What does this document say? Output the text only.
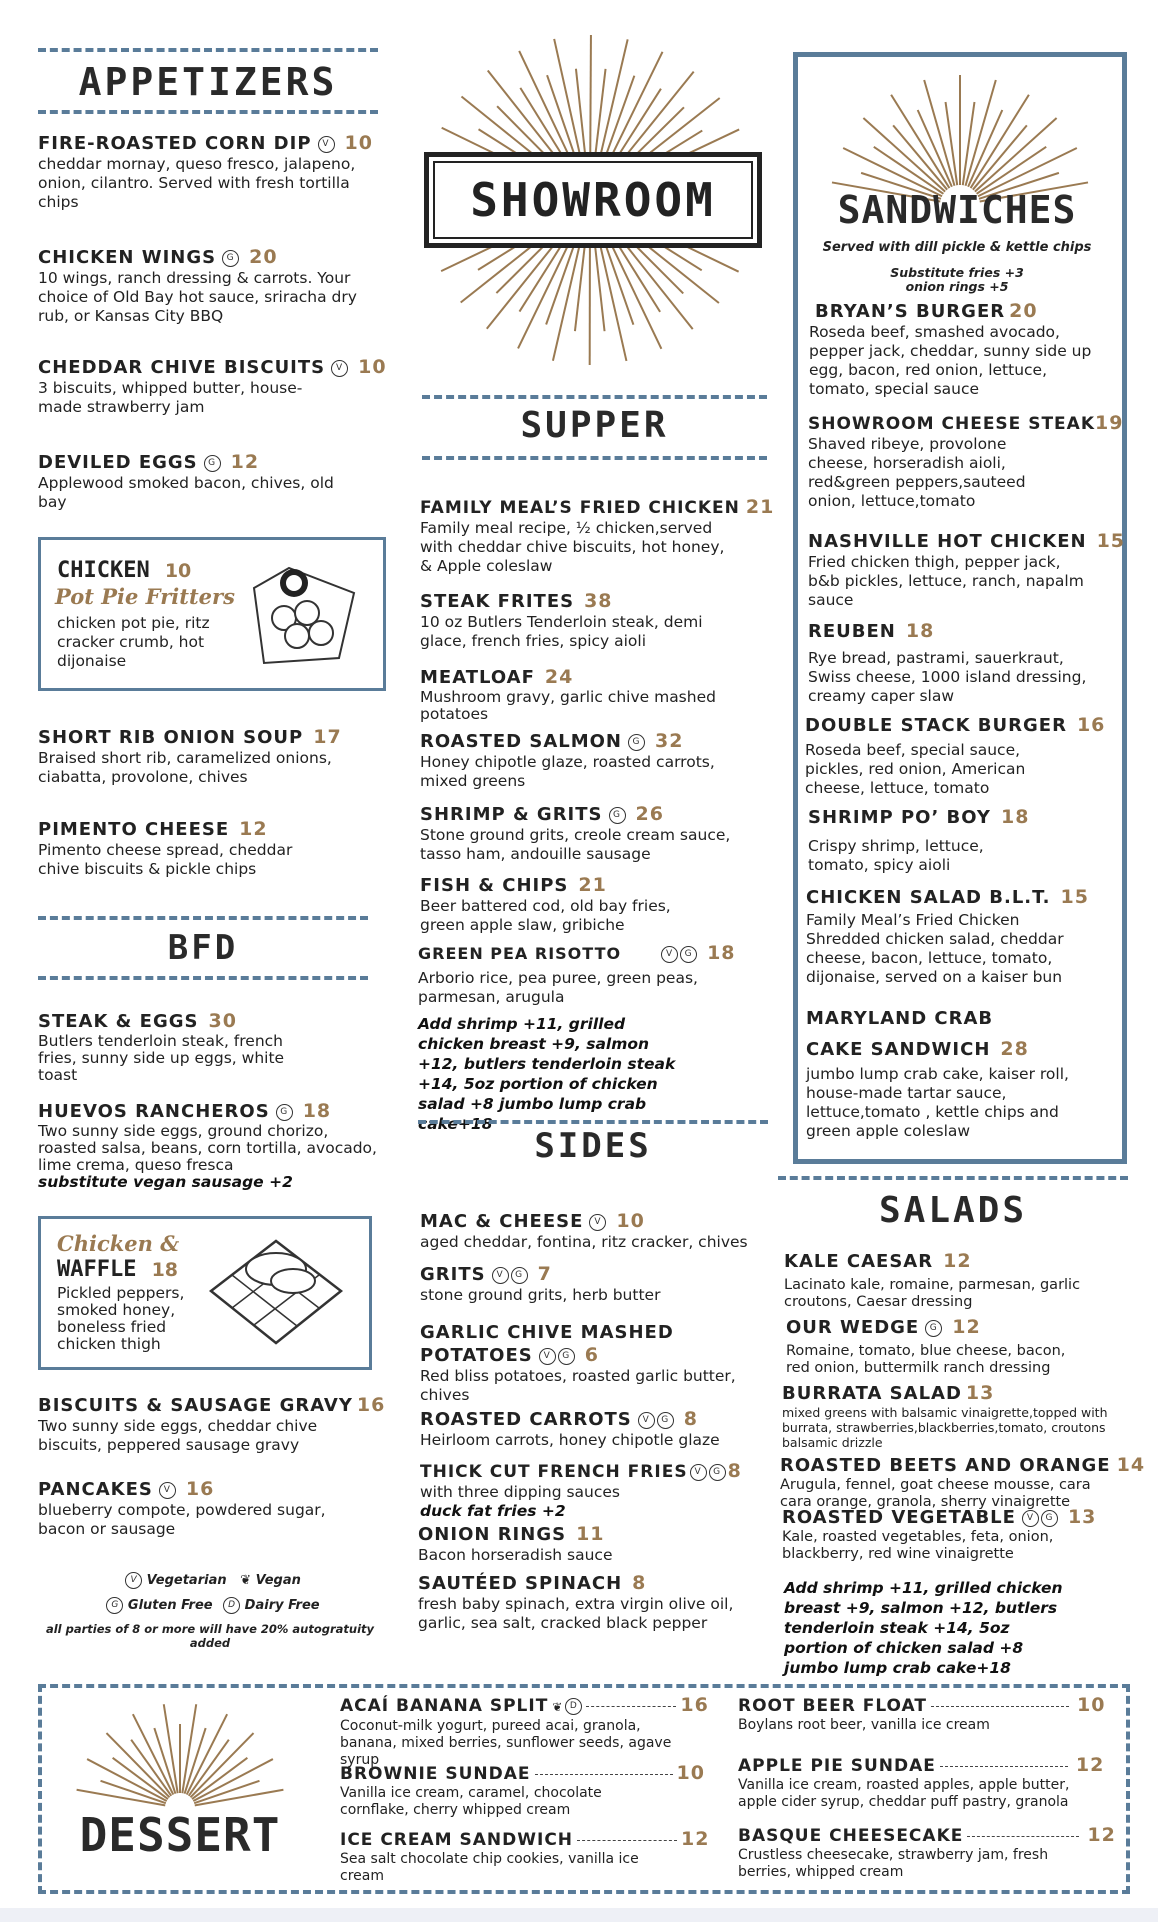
APPETIZERS
FIRE-ROASTED CORN DIP V 10
cheddar mornay, queso fresco, jalapeno, onion, cilantro. Served with fresh tortilla chips
CHICKEN WINGS G 20
10 wings, ranch dressing & carrots. Your choice of Old Bay hot sauce, sriracha dry rub, or Kansas City BBQ
CHEDDAR CHIVE BISCUITS V 10
3 biscuits, whipped butter, house-made strawberry jam
DEVILED EGGS G 12
Applewood smoked bacon, chives, old bay
CHICKEN 10
Pot Pie Fritters
chicken pot pie, ritz cracker crumb, hot dijonaise
SHORT RIB ONION SOUP 17
Braised short rib, caramelized onions, ciabatta, provolone, chives
PIMENTO CHEESE 12
Pimento cheese spread, cheddar chive biscuits & pickle chips
BFD
STEAK & EGGS 30
Butlers tenderloin steak, french fries, sunny side up eggs, white toast
HUEVOS RANCHEROS G 18
Two sunny side eggs, ground chorizo, roasted salsa, beans, corn tortilla, avocado, lime crema, queso fresca
substitute vegan sausage +2
Chicken &
WAFFLE 18
Pickled peppers, smoked honey, boneless fried chicken thigh
BISCUITS & SAUSAGE GRAVY 16
Two sunny side eggs, cheddar chive biscuits, peppered sausage gravy
PANCAKES V 16
blueberry compote, powdered sugar, bacon or sausage
V Vegetarian ❦ Vegan
G Gluten Free D Dairy Free
all parties of 8 or more will have 20% autogratuity added
SHOWROOM
SUPPER
FAMILY MEAL’S FRIED CHICKEN 21
Family meal recipe, ½ chicken,served with cheddar chive biscuits, hot honey, & Apple coleslaw
STEAK FRITES 38
10 oz Butlers Tenderloin steak, demi glace, french fries, spicy aioli
MEATLOAF 24
Mushroom gravy, garlic chive mashed potatoes
ROASTED SALMON G 32
Honey chipotle glaze, roasted carrots, mixed greens
SHRIMP & GRITS G 26
Stone ground grits, creole cream sauce, tasso ham, andouille sausage
FISH & CHIPS 21
Beer battered cod, old bay fries, green apple slaw, gribiche
GREEN PEA RISOTTO	V G 18
Arborio rice, pea puree, green peas, parmesan, arugula
Add shrimp +11, grilled chicken breast +9, salmon +12, butlers tenderloin steak +14, 5oz portion of chicken salad +8 jumbo lump crab cake+18
SIDES
MAC & CHEESE V 10
aged cheddar, fontina, ritz cracker, chives
GRITS V G 7
stone ground grits, herb butter
GARLIC CHIVE MASHED POTATOES V G 6
Red bliss potatoes, roasted garlic butter, chives
ROASTED CARROTS V G 8
Heirloom carrots, honey chipotle glaze
THICK CUT FRENCH FRIES V G 8
with three dipping sauces
duck fat fries +2
ONION RINGS 11
Bacon horseradish sauce
SAUTÉED SPINACH 8
fresh baby spinach, extra virgin olive oil, garlic, sea salt, cracked black pepper
SANDWICHES
Served with dill pickle & kettle chips
Substitute fries +3
onion rings +5
BRYAN’S BURGER 20
Roseda beef, smashed avocado, pepper jack, cheddar, sunny side up egg, bacon, red onion, lettuce, tomato, special sauce
SHOWROOM CHEESE STEAK19
Shaved ribeye, provolone cheese, horseradish aioli, red&green peppers,sauteed onion, lettuce,tomato
NASHVILLE HOT CHICKEN 15
Fried chicken thigh, pepper jack, b&b pickles, lettuce, ranch, napalm sauce
REUBEN 18
Rye bread, pastrami, sauerkraut, Swiss cheese, 1000 island dressing, creamy caper slaw
DOUBLE STACK BURGER 16
Roseda beef, special sauce, pickles, red onion, American cheese, lettuce, tomato
SHRIMP PO’ BOY 18
Crispy shrimp, lettuce, tomato, spicy aioli
CHICKEN SALAD B.L.T. 15
Family Meal’s Fried Chicken Shredded chicken salad, cheddar cheese, bacon, lettuce, tomato, dijonaise, served on a kaiser bun
MARYLAND CRAB CAKE SANDWICH 28
jumbo lump crab cake, kaiser roll, house-made tartar sauce, lettuce,tomato , kettle chips and green apple coleslaw
SALADS
KALE CAESAR 12
Lacinato kale, romaine, parmesan, garlic croutons, Caesar dressing
OUR WEDGE G 12
Romaine, tomato, blue cheese, bacon, red onion, buttermilk ranch dressing
BURRATA SALAD 13
mixed greens with balsamic vinaigrette,topped with burrata, strawberries,blackberries,tomato, croutons balsamic drizzle
ROASTED BEETS AND ORANGE 14
Arugula, fennel, goat cheese mousse, cara cara orange, granola, sherry vinaigrette
ROASTED VEGETABLE V G 13
Kale, roasted vegetables, feta, onion, blackberry, red wine vinaigrette
Add shrimp +11, grilled chicken breast +9, salmon +12, butlers tenderloin steak +14, 5oz portion of chicken salad +8 jumbo lump crab cake+18
DESSERT
ACAÍ BANANA SPLIT ❦ D	16
Coconut-milk yogurt, pureed acai, granola, banana, mixed berries, sunflower seeds, agave syrup
BROWNIE SUNDAE	10
Vanilla ice cream, caramel, chocolate cornflake, cherry whipped cream
ICE CREAM SANDWICH	12
Sea salt chocolate chip cookies, vanilla ice cream
ROOT BEER FLOAT	10
Boylans root beer, vanilla ice cream
APPLE PIE SUNDAE	12
Vanilla ice cream, roasted apples, apple butter, apple cider syrup, cheddar puff pastry, granola
BASQUE CHEESECAKE	12
Crustless cheesecake, strawberry jam, fresh berries, whipped cream
